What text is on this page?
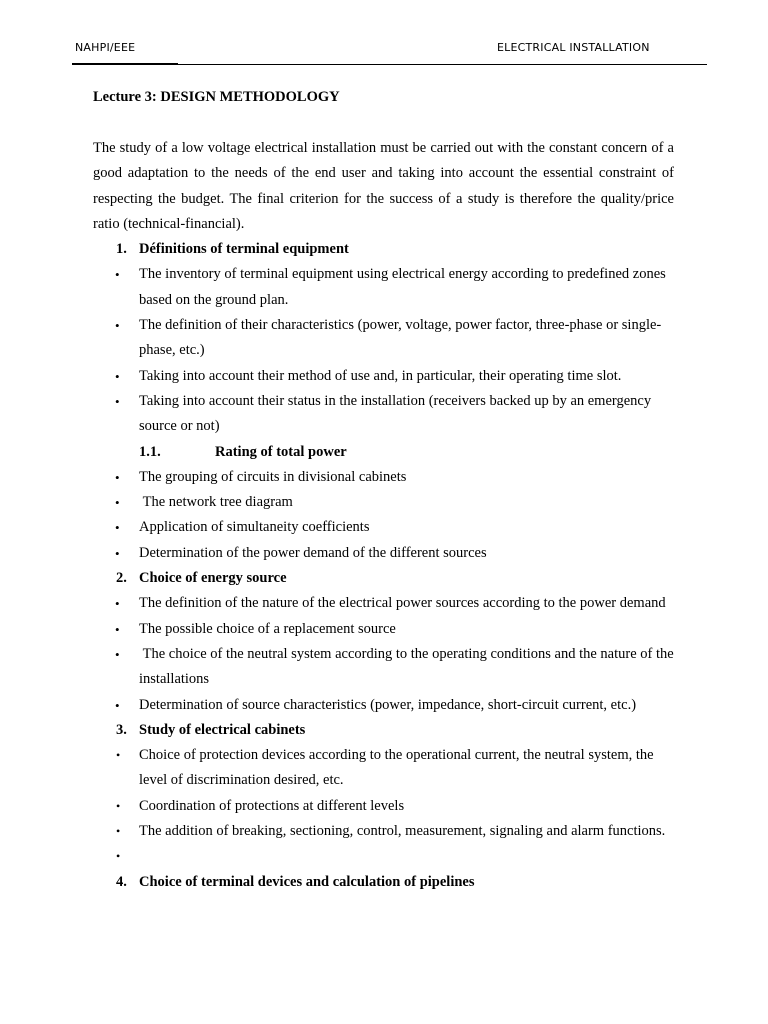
NAHPI/EEE	ELECTRICAL INSTALLATION
Lecture 3: DESIGN METHODOLOGY

The study of a low voltage electrical installation must be carried out with the constant concern of a good adaptation to the needs of the end user and taking into account the essential constraint of respecting the budget. The final criterion for the success of a study is therefore the quality/price ratio (technical-financial).

1. Définitions of terminal equipment
•	The inventory of terminal equipment using electrical energy according to predefined zones based on the ground plan.
•	The definition of their characteristics (power, voltage, power factor, three-phase or single-phase, etc.)
•	Taking into account their method of use and, in particular, their operating time slot.
•	Taking into account their status in the installation (receivers backed up by an emergency source or not)
1.1.	Rating of total power
•	The grouping of circuits in divisional cabinets
•	The network tree diagram
•	Application of simultaneity coefficients
•	Determination of the power demand of the different sources
2. Choice of energy source
•	The definition of the nature of the electrical power sources according to the power demand
•	The possible choice of a replacement source
•	The choice of the neutral system according to the operating conditions and the nature of the installations
•	Determination of source characteristics (power, impedance, short-circuit current, etc.)
3. Study of electrical cabinets
•	Choice of protection devices according to the operational current, the neutral system, the level of discrimination desired, etc.
•	Coordination of protections at different levels
•	The addition of breaking, sectioning, control, measurement, signaling and alarm functions.
•
4. Choice of terminal devices and calculation of pipelines
